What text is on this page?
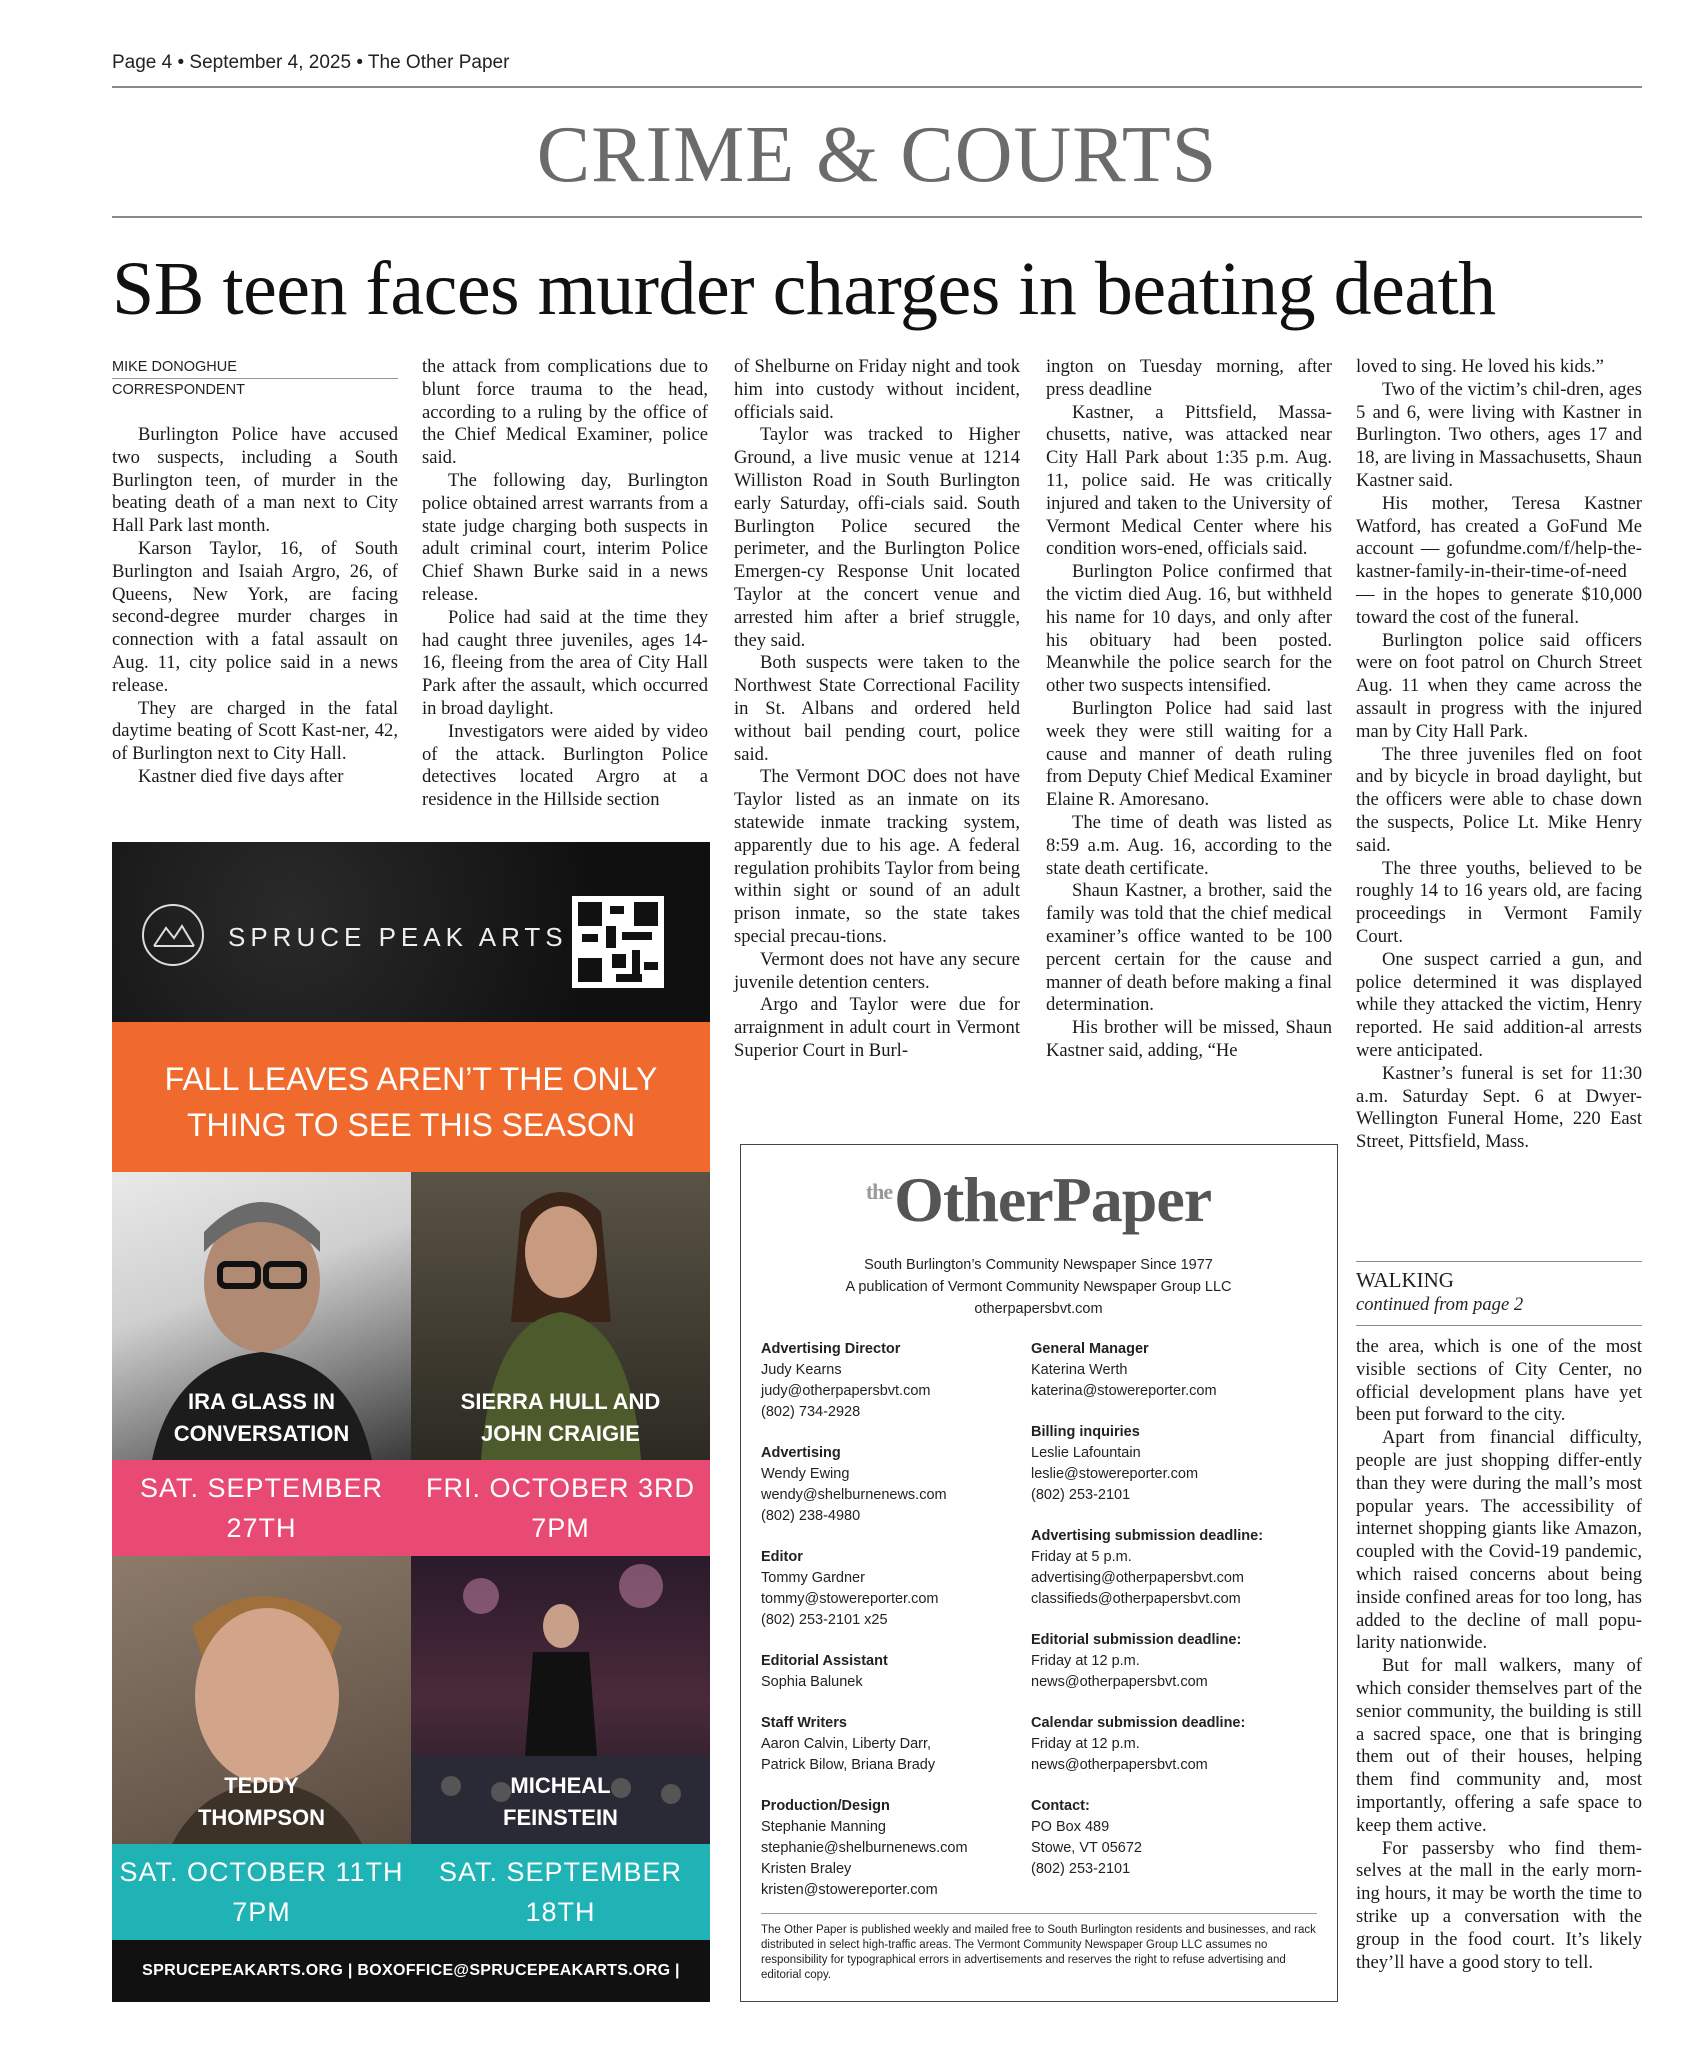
Page 4 • September 4, 2025 • The Other Paper
CRIME & COURTS
SB teen faces murder charges in beating death
MIKE DONOGHUE
CORRESPONDENT

Burlington Police have accused two suspects, including a South Burlington teen, of murder in the beating death of a man next to City Hall Park last month.

Karson Taylor, 16, of South Burlington and Isaiah Argro, 26, of Queens, New York, are facing second-degree murder charges in connection with a fatal assault on Aug. 11, city police said in a news release.

They are charged in the fatal daytime beating of Scott Kast-ner, 42, of Burlington next to City Hall.

Kastner died five days after

the attack from complications due to blunt force trauma to the head, according to a ruling by the office of the Chief Medical Examiner, police said.

The following day, Burlington police obtained arrest warrants from a state judge charging both suspects in adult criminal court, interim Police Chief Shawn Burke said in a news release.

Police had said at the time they had caught three juveniles, ages 14-16, fleeing from the area of City Hall Park after the assault, which occurred in broad daylight.

Investigators were aided by video of the attack. Burlington Police detectives located Argro at a residence in the Hillside section

of Shelburne on Friday night and took him into custody without incident, officials said.

Taylor was tracked to Higher Ground, a live music venue at 1214 Williston Road in South Burlington early Saturday, offi-cials said. South Burlington Police secured the perimeter, and the Burlington Police Emergen-cy Response Unit located Taylor at the concert venue and arrested him after a brief struggle, they said.

Both suspects were taken to the Northwest State Correctional Facility in St. Albans and ordered held without bail pending court, police said.

The Vermont DOC does not have Taylor listed as an inmate on its statewide inmate tracking system, apparently due to his age. A federal regulation prohibits Taylor from being within sight or sound of an adult prison inmate, so the state takes special precau-tions.

Vermont does not have any secure juvenile detention centers.

Argo and Taylor were due for arraignment in adult court in Vermont Superior Court in Burl-

ington on Tuesday morning, after press deadline

Kastner, a Pittsfield, Massa-chusetts, native, was attacked near City Hall Park about 1:35 p.m. Aug. 11, police said. He was critically injured and taken to the University of Vermont Medical Center where his condition wors-ened, officials said.

Burlington Police confirmed that the victim died Aug. 16, but withheld his name for 10 days, and only after his obituary had been posted. Meanwhile the police search for the other two suspects intensified.

Burlington Police had said last week they were still waiting for a cause and manner of death ruling from Deputy Chief Medical Examiner Elaine R. Amoresano.

The time of death was listed as 8:59 a.m. Aug. 16, according to the state death certificate.

Shaun Kastner, a brother, said the family was told that the chief medical examiner’s office wanted to be 100 percent certain for the cause and manner of death before making a final determination.

His brother will be missed, Shaun Kastner said, adding, “He

loved to sing. He loved his kids.”

Two of the victim’s chil-dren, ages 5 and 6, were living with Kastner in Burlington. Two others, ages 17 and 18, are living in Massachusetts, Shaun Kastner said.

His mother, Teresa Kastner Watford, has created a GoFund Me account — gofundme.com/f/help-the-kastner-family-in-their-time-of-need — in the hopes to generate $10,000 toward the cost of the funeral.

Burlington police said officers were on foot patrol on Church Street Aug. 11 when they came across the assault in progress with the injured man by City Hall Park.

The three juveniles fled on foot and by bicycle in broad daylight, but the officers were able to chase down the suspects, Police Lt. Mike Henry said.

The three youths, believed to be roughly 14 to 16 years old, are facing proceedings in Vermont Family Court.

One suspect carried a gun, and police determined it was displayed while they attacked the victim, Henry reported. He said addition-al arrests were anticipated.

Kastner’s funeral is set for 11:30 a.m. Saturday Sept. 6 at Dwyer-Wellington Funeral Home, 220 East Street, Pittsfield, Mass.

WALKING
continued from page 2

the area, which is one of the most visible sections of City Center, no official development plans have yet been put forward to the city.

Apart from financial difficulty, people are just shopping differ-ently than they were during the mall’s most popular years. The accessibility of internet shopping giants like Amazon, coupled with the Covid-19 pandemic, which raised concerns about being inside confined areas for too long, has added to the decline of mall popu-larity nationwide.

But for mall walkers, many of which consider themselves part of the senior community, the building is still a sacred space, one that is bringing them out of their houses, helping them find community and, most importantly, offering a safe space to keep them active.

For passersby who find them-selves at the mall in the early morn-ing hours, it may be worth the time to strike up a conversation with the group in the food court. It’s likely they’ll have a good story to tell.

SPRUCE PEAK ARTS
FALL LEAVES AREN’T THE ONLY
THING TO SEE THIS SEASON
IRA GLASS IN
CONVERSATION
SIERRA HULL AND
JOHN CRAIGIE
SAT. SEPTEMBER 27TH
FRI. OCTOBER 3RD
7PM
TEDDY
THOMPSON
MICHEAL
FEINSTEIN
SAT. OCTOBER 11TH
7PM
SAT. SEPTEMBER 18TH
SPRUCEPEAKARTS.ORG | BOXOFFICE@SPRUCEPEAKARTS.ORG | 802.270.4634
$^{the}$OtherPaper
South Burlington’s Community Newspaper Since 1977
A publication of Vermont Community Newspaper Group LLC
otherpapersbvt.com
Advertising Director
Judy Kearns
judy@otherpapersbvt.com
(802) 734-2928
Advertising
Wendy Ewing
wendy@shelburnenews.com
(802) 238-4980
Editor
Tommy Gardner
tommy@stowereporter.com
(802) 253-2101 x25
Editorial Assistant
Sophia Balunek
Staff Writers
Aaron Calvin, Liberty Darr,
Patrick Bilow, Briana Brady
Production/Design
Stephanie Manning
stephanie@shelburnenews.com
Kristen Braley
kristen@stowereporter.com
General Manager
Katerina Werth
katerina@stowereporter.com
Billing inquiries
Leslie Lafountain
leslie@stowereporter.com
(802) 253-2101
Advertising submission deadline:
Friday at 5 p.m.
advertising@otherpapersbvt.com
classifieds@otherpapersbvt.com
Editorial submission deadline:
Friday at 12 p.m.
news@otherpapersbvt.com
Calendar submission deadline:
Friday at 12 p.m.
news@otherpapersbvt.com
Contact:
PO Box 489
Stowe, VT 05672
(802) 253-2101
The Other Paper is published weekly and mailed free to South Burlington residents and businesses, and rack distributed in select high-traffic areas. The Vermont Community Newspaper Group LLC assumes no responsibility for typographical errors in advertisements and reserves the right to refuse advertising and editorial copy.
